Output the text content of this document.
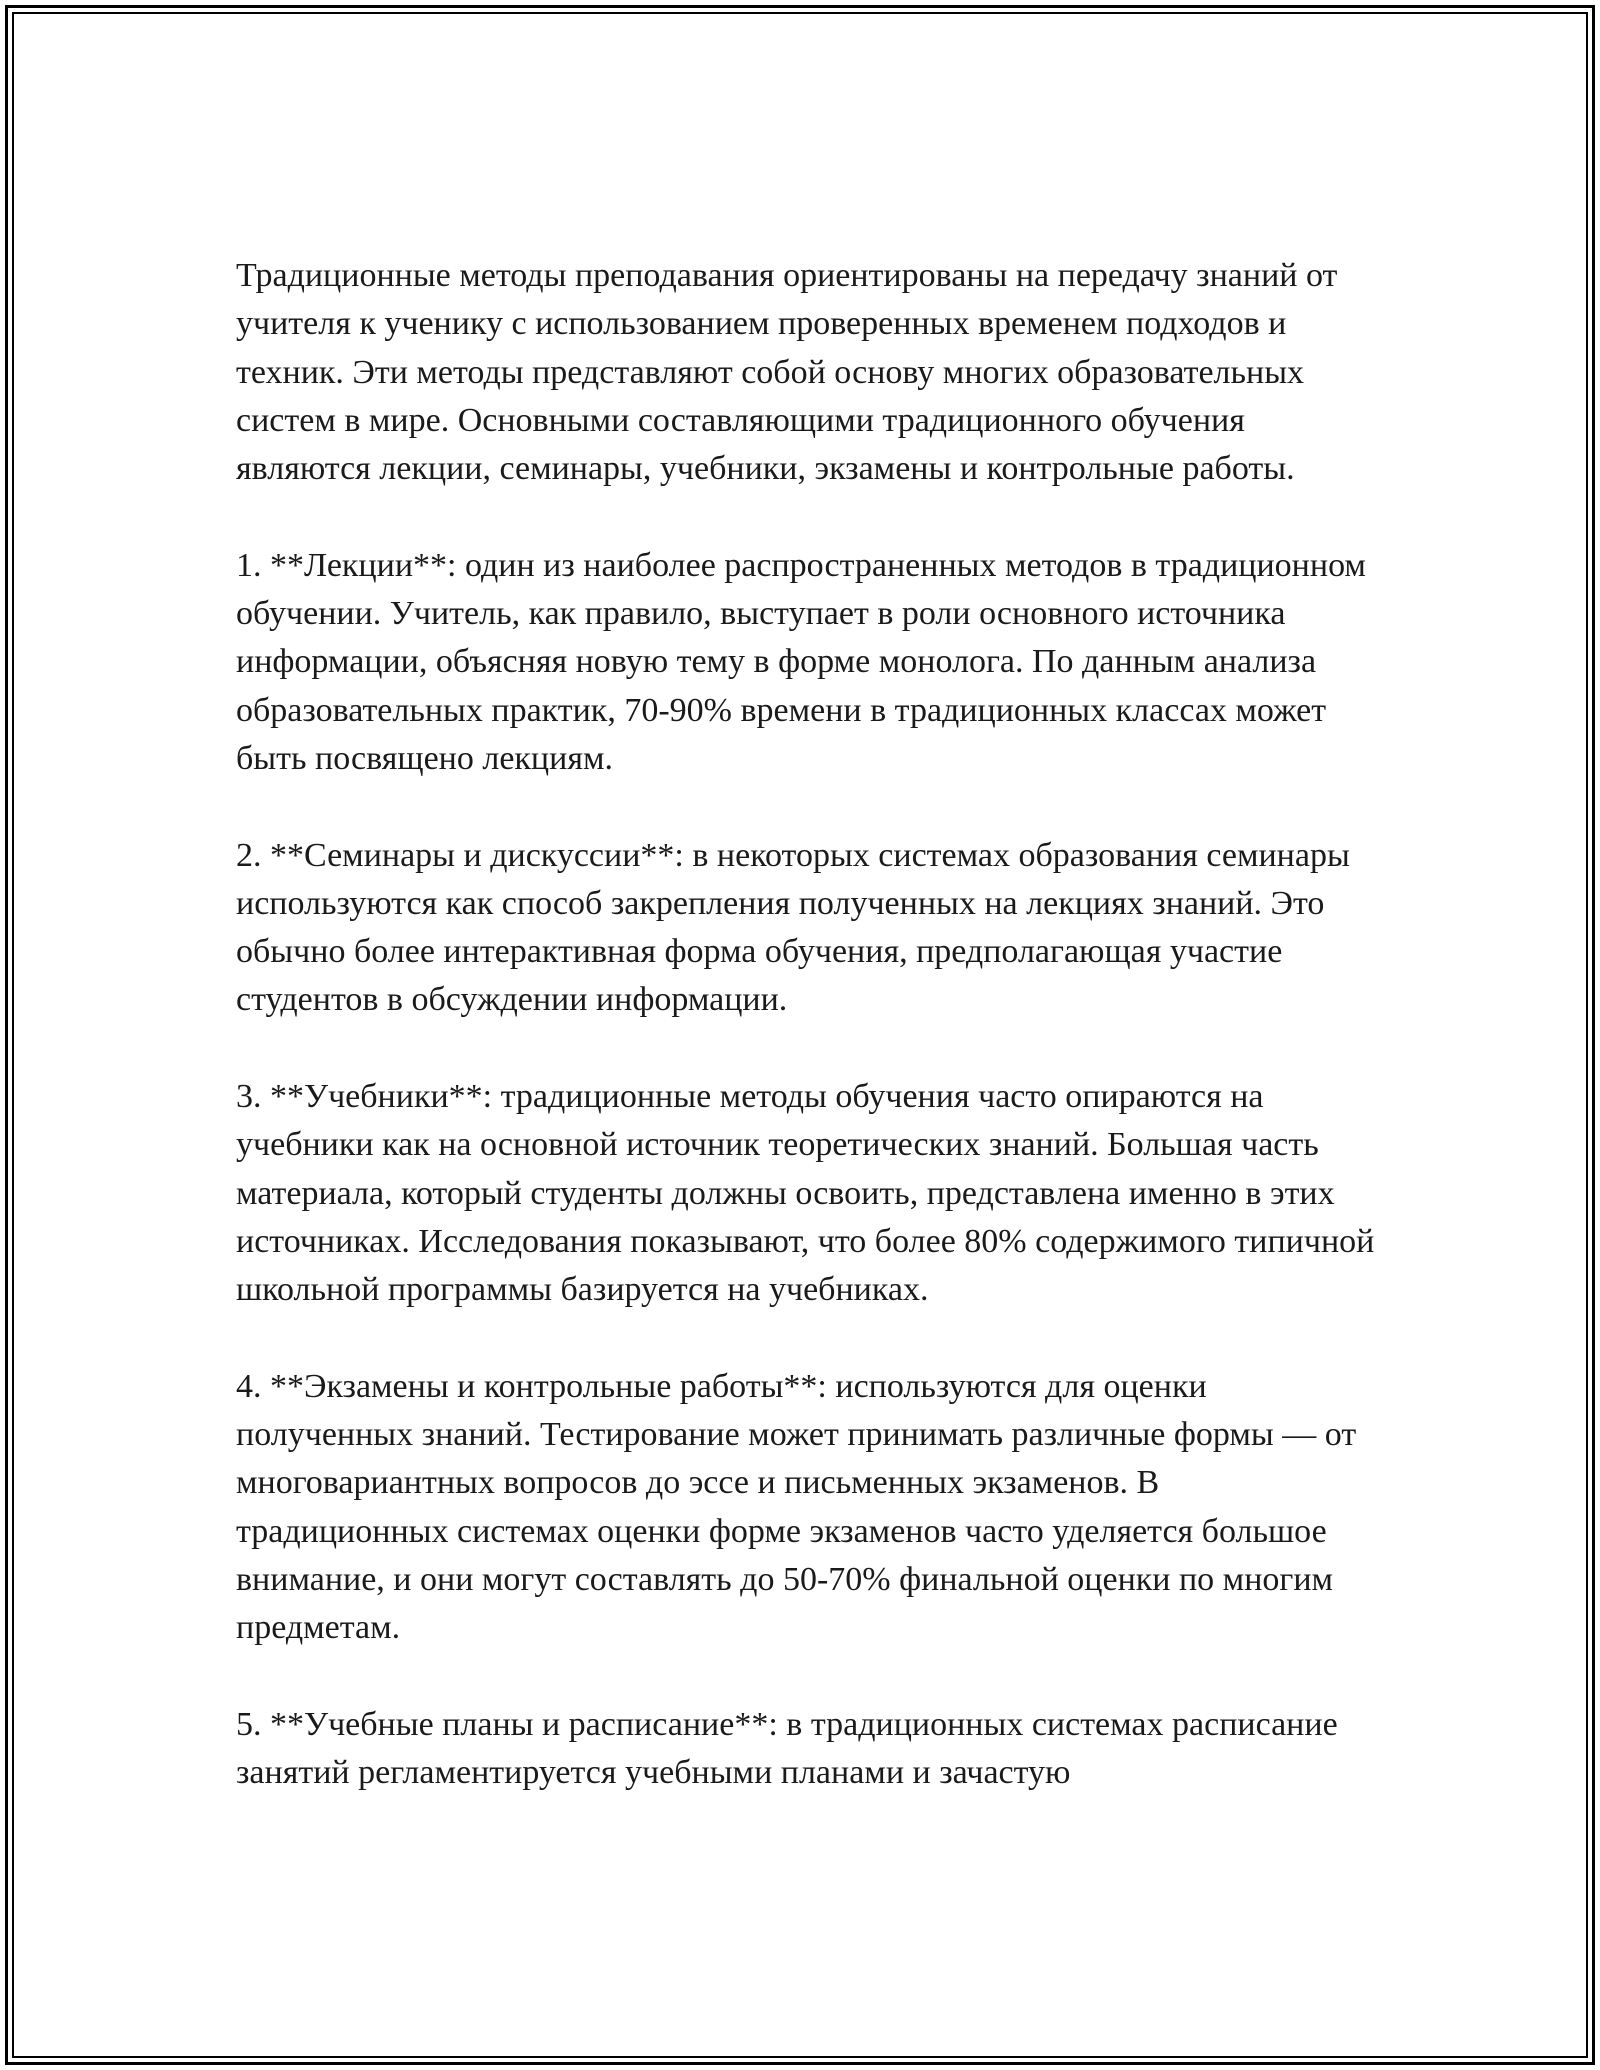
Традиционные методы преподавания ориентированы на передачу знаний от учителя к ученику с использованием проверенных временем подходов и техник. Эти методы представляют собой основу многих образовательных систем в мире. Основными составляющими традиционного обучения являются лекции, семинары, учебники, экзамены и контрольные работы.

1. **Лекции**: один из наиболее распространенных методов в традиционном обучении. Учитель, как правило, выступает в роли основного источника информации, объясняя новую тему в форме монолога. По данным анализа образовательных практик, 70-90% времени в традиционных классах может быть посвящено лекциям.

2. **Семинары и дискуссии**: в некоторых системах образования семинары используются как способ закрепления полученных на лекциях знаний. Это обычно более интерактивная форма обучения, предполагающая участие студентов в обсуждении информации.

3. **Учебники**: традиционные методы обучения часто опираются на учебники как на основной источник теоретических знаний. Большая часть материала, который студенты должны освоить, представлена именно в этих источниках. Исследования показывают, что более 80% содержимого типичной школьной программы базируется на учебниках.

4. **Экзамены и контрольные работы**: используются для оценки полученных знаний. Тестирование может принимать различные формы — от многовариантных вопросов до эссе и письменных экзаменов. В традиционных системах оценки форме экзаменов часто уделяется большое внимание, и они могут составлять до 50-70% финальной оценки по многим предметам.

5. **Учебные планы и расписание**: в традиционных системах расписание занятий регламентируется учебными планами и зачастую
